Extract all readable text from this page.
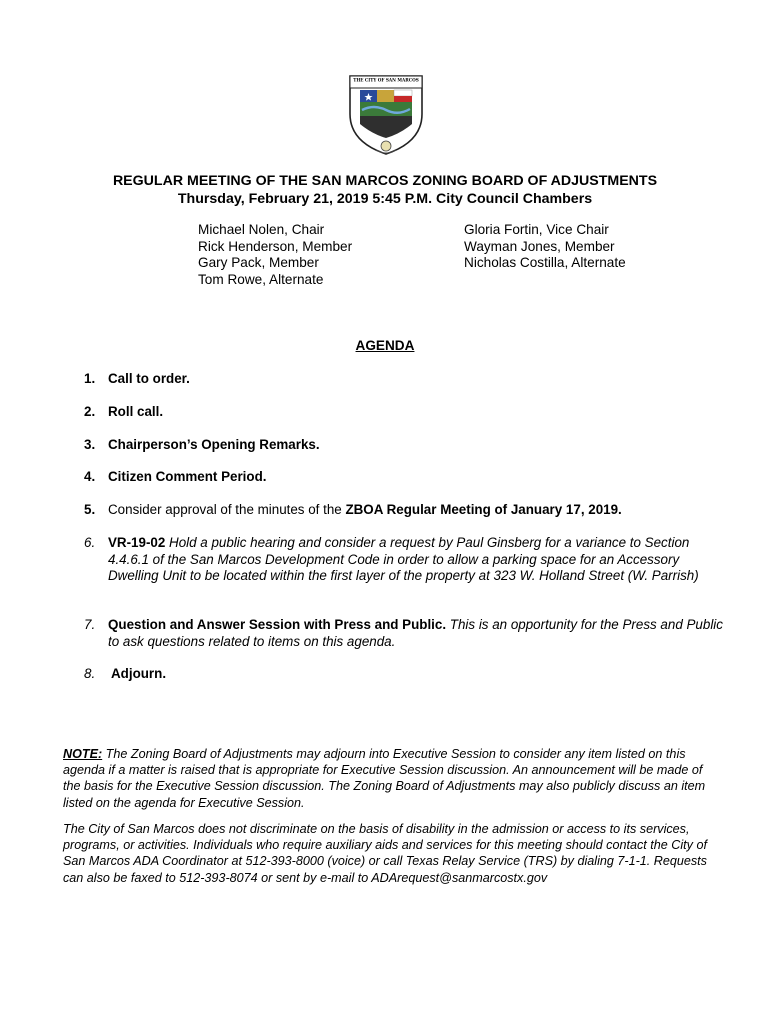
THE CITY OF SAN MARCOS
REGULAR MEETING OF THE SAN MARCOS ZONING BOARD OF ADJUSTMENTS
Thursday, February 21, 2019 5:45 P.M. City Council Chambers
Michael Nolen, Chair
Rick Henderson, Member
Gary Pack, Member
Tom Rowe, Alternate
Gloria Fortin, Vice Chair
Wayman Jones, Member
Nicholas Costilla, Alternate
AGENDA
1. Call to order.
2. Roll call.
3. Chairperson’s Opening Remarks.
4. Citizen Comment Period.
5. Consider approval of the minutes of the ZBOA Regular Meeting of January 17, 2019.
6. VR-19-02 Hold a public hearing and consider a request by Paul Ginsberg for a variance to Section 4.4.6.1 of the San Marcos Development Code in order to allow a parking space for an Accessory Dwelling Unit to be located within the first layer of the property at 323 W. Holland Street (W. Parrish)
7. Question and Answer Session with Press and Public. This is an opportunity for the Press and Public to ask questions related to items on this agenda.
8.	Adjourn.
NOTE: The Zoning Board of Adjustments may adjourn into Executive Session to consider any item listed on this agenda if a matter is raised that is appropriate for Executive Session discussion. An announcement will be made of the basis for the Executive Session discussion. The Zoning Board of Adjustments may also publicly discuss an item listed on the agenda for Executive Session.
The City of San Marcos does not discriminate on the basis of disability in the admission or access to its services, programs, or activities. Individuals who require auxiliary aids and services for this meeting should contact the City of San Marcos ADA Coordinator at 512-393-8000 (voice) or call Texas Relay Service (TRS) by dialing 7-1-1. Requests can also be faxed to 512-393-8074 or sent by e-mail to ADArequest@sanmarcostx.gov
